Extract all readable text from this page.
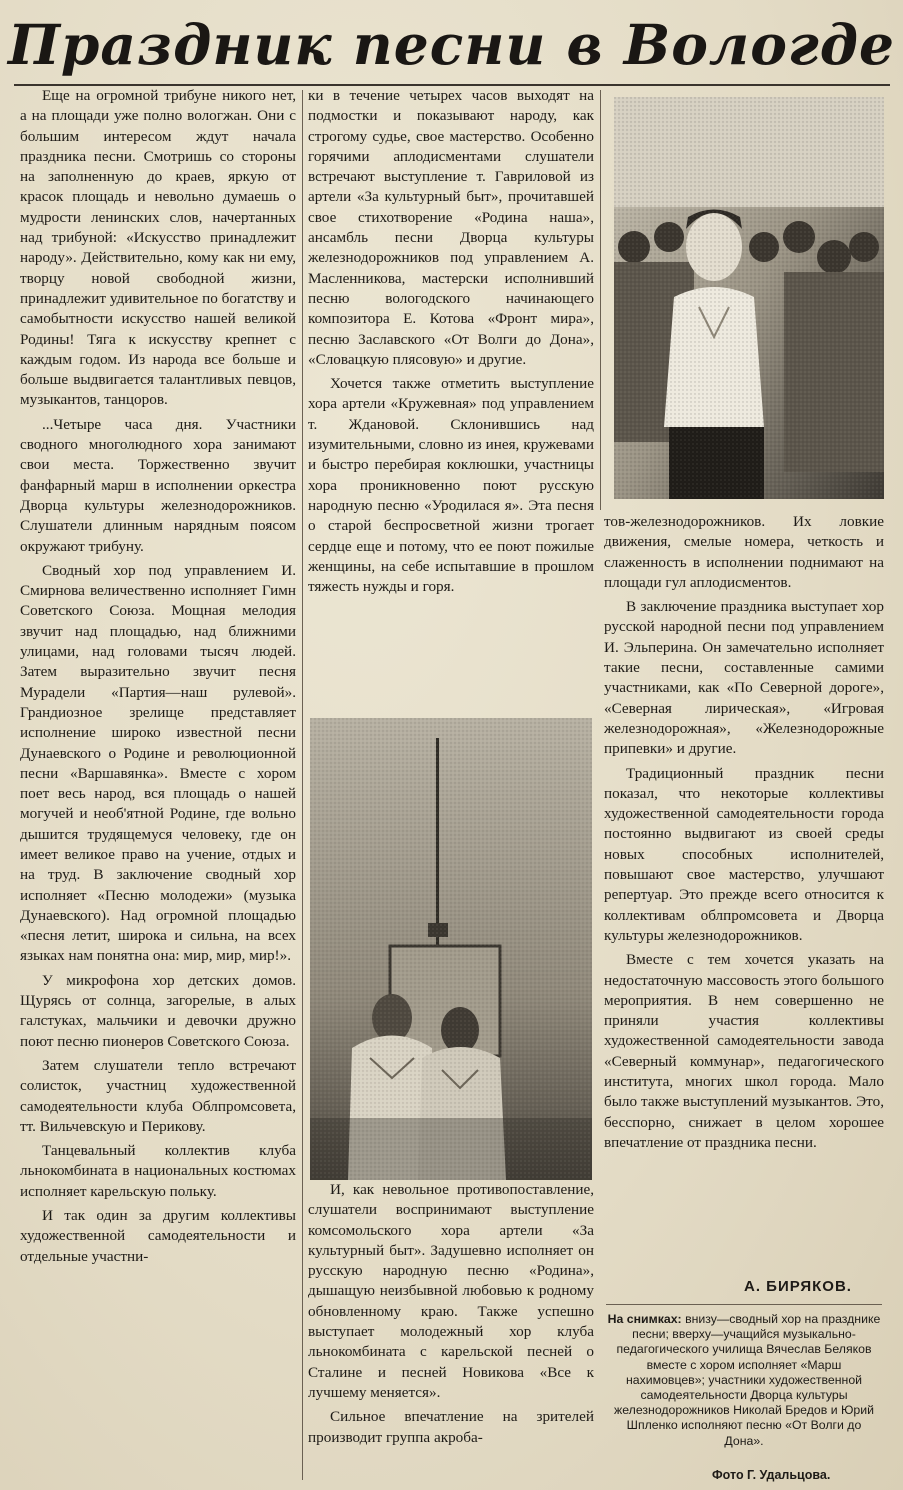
Праздник песни в Вологде

Еще на огромной трибуне никого нет, а на площади уже полно вологжан. Они с большим интересом ждут начала праздника песни. Смотришь со стороны на заполненную до краев, яркую от красок площадь и невольно думаешь о мудрости ленинских слов, начертанных над трибуной: «Искусство принадлежит народу». Действительно, кому как ни ему, творцу новой свободной жизни, принадлежит удивительное по богатству и самобытности искусство нашей великой Родины! Тяга к искусству крепнет с каждым годом. Из народа все больше и больше выдвигается талантливых певцов, музыкантов, танцоров.

...Четыре часа дня. Участники сводного многолюдного хора занимают свои места. Торжественно звучит фанфарный марш в исполнении оркестра Дворца культуры железнодорожников. Слушатели длинным нарядным поясом окружают трибуну.

Сводный хор под управлением И. Смирнова величественно исполняет Гимн Советского Союза. Мощная мелодия звучит над площадью, над ближними улицами, над головами тысяч людей. Затем выразительно звучит песня Мурадели «Партия—наш рулевой». Грандиозное зрелище представляет исполнение широко известной песни Дунаевского о Родине и революционной песни «Варшавянка». Вместе с хором поет весь народ, вся площадь о нашей могучей и необ'ятной Родине, где вольно дышится трудящемуся человеку, где он имеет великое право на учение, отдых и на труд. В заключение сводный хор исполняет «Песню молодежи» (музыка Дунаевского). Над огромной площадью «песня летит, широка и сильна, на всех языках нам понятна она: мир, мир, мир!».

У микрофона хор детских домов. Щурясь от солнца, загорелые, в алых галстуках, мальчики и девочки дружно поют песню пионеров Советского Союза.

Затем слушатели тепло встречают солисток, участниц художественной самодеятельности клуба Облпромсовета, тт. Вильчевскую и Перикову.

Танцевальный коллектив клуба льнокомбината в национальных костюмах исполняет карельскую польку.

И так один за другим коллективы художественной самодеятельности и отдельные участни-

ки в течение четырех часов выходят на подмостки и показывают народу, как строгому судье, свое мастерство. Особенно горячими аплодисментами слушатели встречают выступление т. Гавриловой из артели «За культурный быт», прочитавшей свое стихотворение «Родина наша», ансамбль песни Дворца культуры железнодорожников под управлением А. Масленникова, мастерски исполнивший песню вологодского начинающего композитора Е. Котова «Фронт мира», песню Заславского «От Волги до Дона», «Словацкую плясовую» и другие.

Хочется также отметить выступление хора артели «Кружевная» под управлением т. Ждановой. Склонившись над изумительными, словно из инея, кружевами и быстро перебирая коклюшки, участницы хора проникновенно поют русскую народную песню «Уродилася я». Эта песня о старой беспросветной жизни трогает сердце еще и потому, что ее поют пожилые женщины, на себе испытавшие в прошлом тяжесть нужды и горя.

И, как невольное противопоставление, слушатели воспринимают выступление комсомольского хора артели «За культурный быт». Задушевно исполняет он русскую народную песню «Родина», дышащую неизбывной любовью к родному обновленному краю. Также успешно выступает молодежный хор клуба льнокомбината с карельской песней о Сталине и песней Новикова «Все к лучшему меняется».

Сильное впечатление на зрителей производит группа акроба-

тов-железнодорожников. Их ловкие движения, смелые номера, четкость и слаженность в исполнении поднимают на площади гул аплодисментов.

В заключение праздника выступает хор русской народной песни под управлением И. Эльперина. Он замечательно исполняет такие песни, составленные самими участниками, как «По Северной дороге», «Северная лирическая», «Игровая железнодорожная», «Железнодорожные припевки» и другие.

Традиционный праздник песни показал, что некоторые коллективы художественной самодеятельности города постоянно выдвигают из своей среды новых способных исполнителей, повышают свое мастерство, улучшают репертуар. Это прежде всего относится к коллективам облпромсовета и Дворца культуры железнодорожников.

Вместе с тем хочется указать на недостаточную массовость этого большого мероприятия. В нем совершенно не приняли участия коллективы художественной самодеятельности завода «Северный коммунар», педагогического института, многих школ города. Мало было также выступлений музыкантов. Это, бесспорно, снижает в целом хорошее впечатление от праздника песни.

А. БИРЯКОВ.
На снимках: внизу—сводный хор на празднике песни; вверху—учащийся музыкально-педагогического училища Вячеслав Беляков вместе с хором исполняет «Марш нахимовцев»; участники художественной самодеятельности Дворца культуры железнодорожников Николай Бредов и Юрий Шпленко исполняют песню «От Волги до Дона».
Фото Г. Удальцова.
